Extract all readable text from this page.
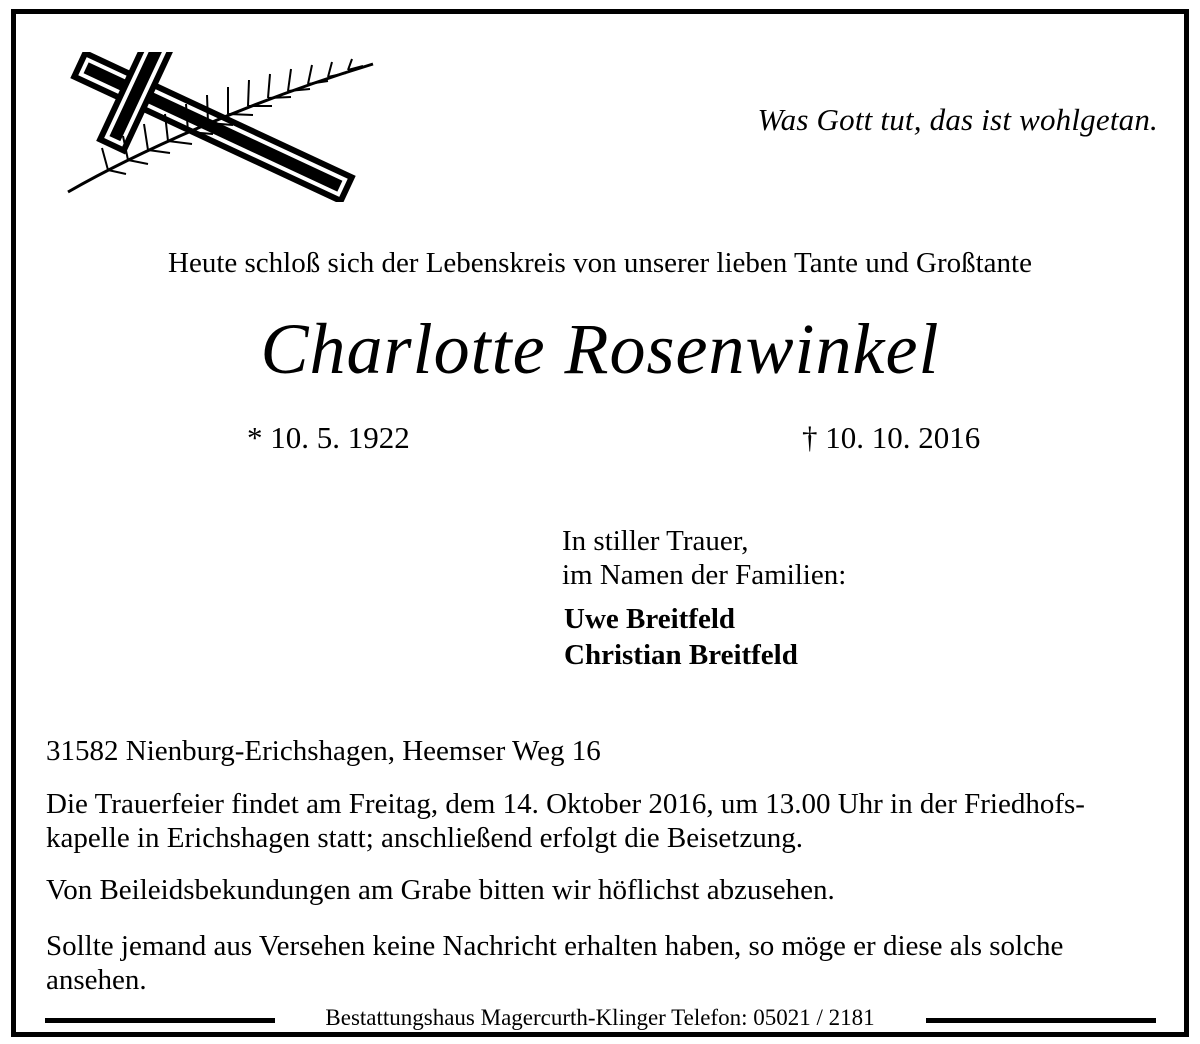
Was Gott tut, das ist wohlgetan.
Heute schloß sich der Lebenskreis von unserer lieben Tante und Großtante
Charlotte Rosenwinkel
* 10. 5. 1922	† 10. 10. 2016
In stiller Trauer,
im Namen der Familien:
Uwe Breitfeld
Christian Breitfeld
31582 Nienburg-Erichshagen, Heemser Weg 16
Die Trauerfeier findet am Freitag, dem 14. Oktober 2016, um 13.00 Uhr in der Friedhofs-kapelle in Erichshagen statt; anschließend erfolgt die Beisetzung.
Von Beileidsbekundungen am Grabe bitten wir höflichst abzusehen.
Sollte jemand aus Versehen keine Nachricht erhalten haben, so möge er diese als solche ansehen.
Bestattungshaus Magercurth-Klinger Telefon: 05021 / 2181
